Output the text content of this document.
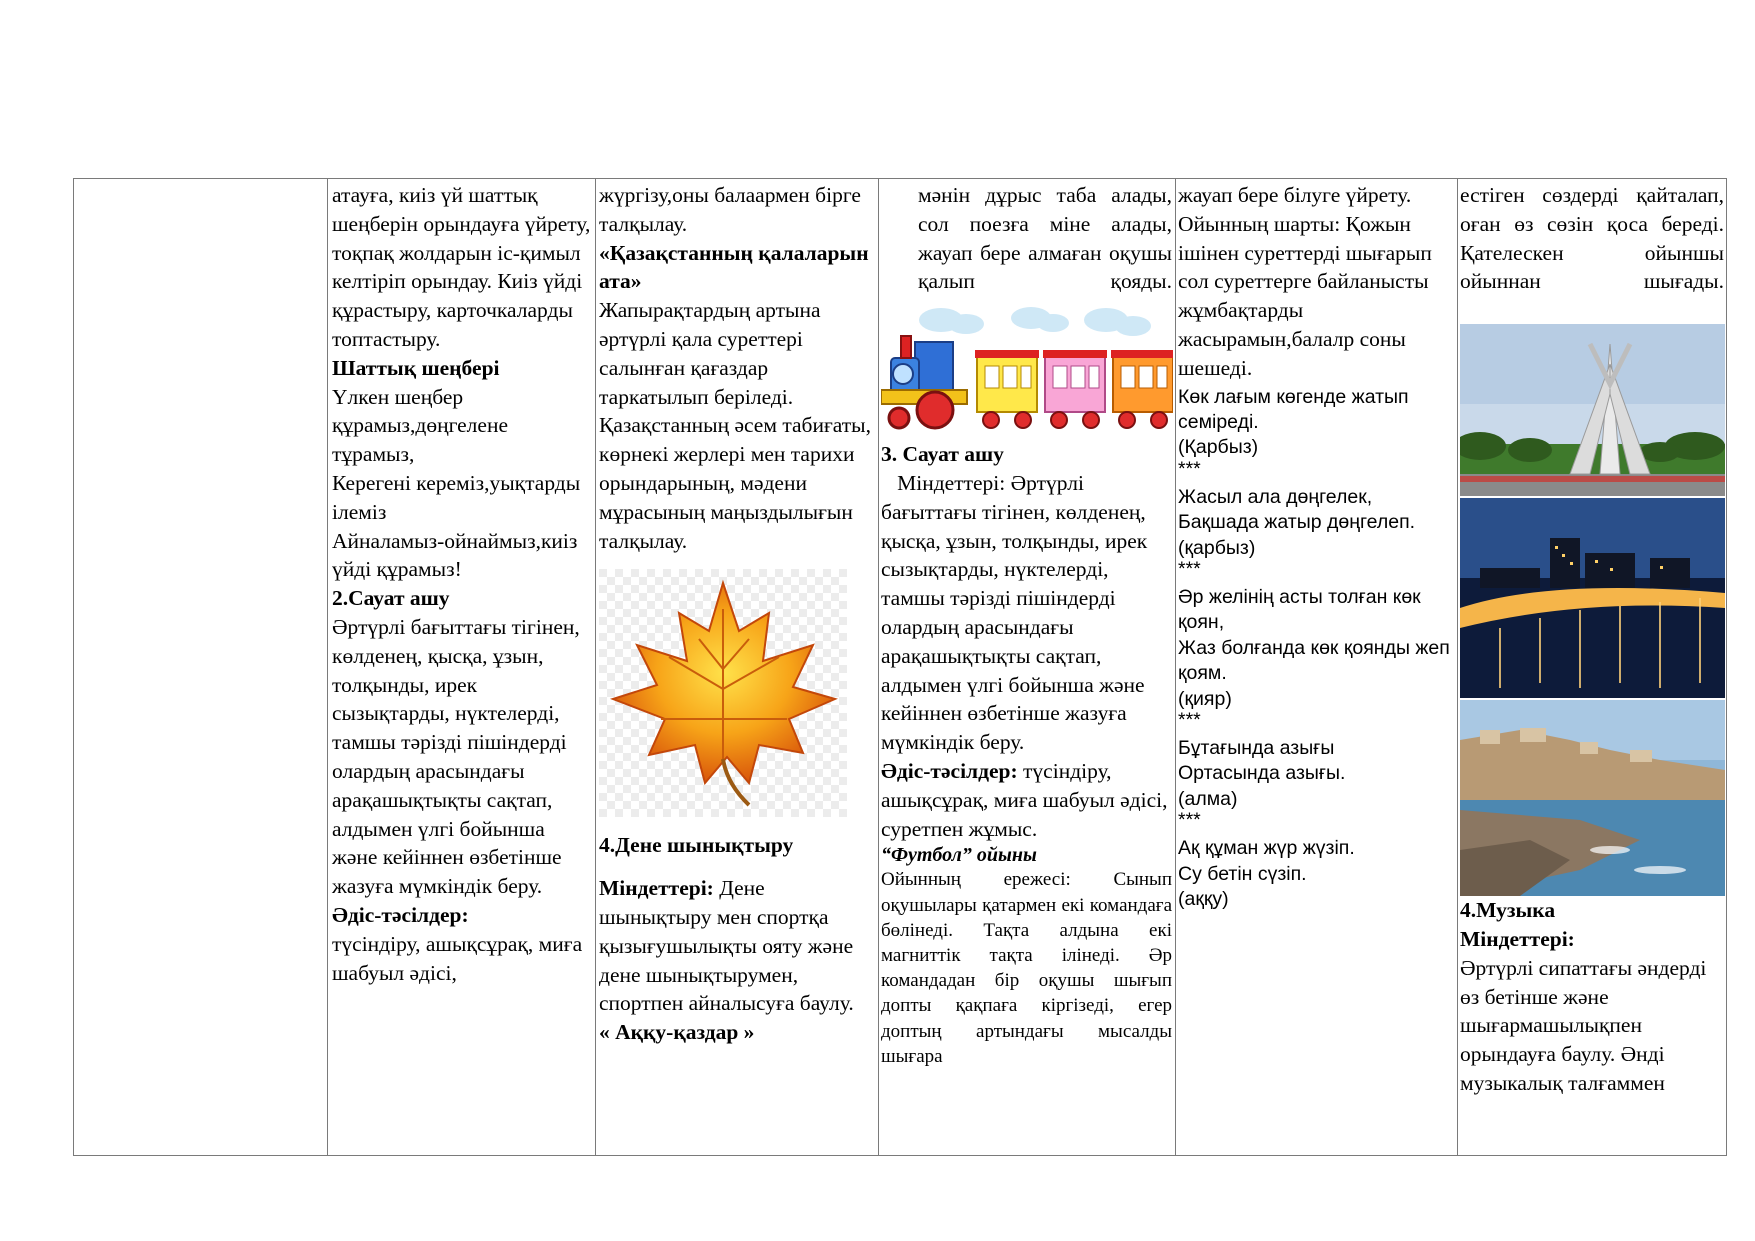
атауға, киіз үй шаттық шеңберін орындауға үйрету, тоқпақ жолдарын іс-қимыл келтіріп орындау. Киіз үйді құрастыру, карточкаларды топтастыру.

Шаттық шеңбері

Үлкен шеңбер құрамыз,дөңгелене тұрамыз,

Керегені кереміз,уықтарды ілеміз

Айналамыз-ойнаймыз,киіз үйді құрамыз!

2.Сауат ашу

Әртүрлі бағыттағы тігінен, көлденең, қысқа, ұзын, толқынды, ирек сызықтарды, нүктелерді, тамшы тәрізді пішіндерді олардың арасындағы арақашықтықты сақтап, алдымен үлгі бойынша және кейіннен өзбетінше жазуға мүмкіндік беру.

Әдіс-тәсілдер:

түсіндіру, ашықсұрақ, миға шабуыл әдісі,

жүргізу,оны балаармен бірге талқылау.

«Қазақстанның қалаларын ата»

Жапырақтардың артына әртүрлі қала суреттері салынған қағаздар таркатылып беріледі. Қазақстанның әсем табиғаты, көрнекі жерлері мен тарихи орындарының, мәдени мұрасының маңыздылығын талқылау.

4.Дене шынықтыру

Міндеттері: Дене шынықтыру мен спортқа қызығушылықты ояту және дене шынықтырумен, спортпен айналысуға баулу.

« Аққу-қаздар »

мәнін дұрыс таба алады, сол поезға міне алады, жауап бере алмаған оқушы қалып қояды.

3. Сауат ашу

Міндеттері: Әртүрлі бағыттағы тігінен, көлденең, қысқа, ұзын, толқынды, ирек сызықтарды, нүктелерді, тамшы тәрізді пішіндерді олардың арасындағы арақашықтықты сақтап, алдымен үлгі бойынша және кейіннен өзбетінше жазуға мүмкіндік беру.

Әдіс-тәсілдер: түсіндіру, ашықсұрақ, миға шабуыл әдісі, суретпен жұмыс.

“Футбол” ойыны

Ойынның ережесі: Сынып оқушылары қатармен екі командаға бөлінеді. Тақта алдына екі магниттік тақта ілінеді. Әр командадан бір оқушы шығып допты қақпаға кіргізеді, егер доптың артындағы мысалды шығара

жауап бере білуге үйрету. Ойынның шарты: Қожын ішінен суреттерді шығарып сол суреттерге байланысты жұмбақтарды жасырамын,балалр соны шешеді.

Көк лағым көгенде жатып семіреді.

(Қарбыз)

***

Жасыл ала дөңгелек,

Бақшада жатыр дөңгелеп.

(қарбыз)

***

Әр желінің асты толған көк қоян,

Жаз болғанда көк қоянды жеп қоям.

(қияр)

***

Бұтағында азығы

Ортасында азығы.

(алма)

***

Ақ құман жүр жүзіп.

Су бетін сүзіп.

(аққу)

естіген сөздерді қайталап, оған өз сөзін қоса береді. Қателескен ойыншы ойыннан шығады.

4.Музыка

Міндеттері:

Әртүрлі сипаттағы әндерді өз бетінше және шығармашылықпен орындауға баулу. Әнді музыкалық талғаммен
